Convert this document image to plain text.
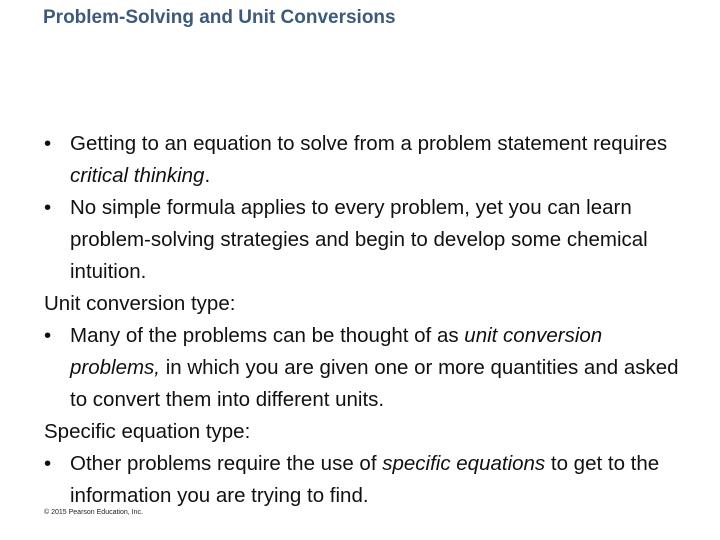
Problem-Solving and Unit Conversions
• Getting to an equation to solve from a problem statement requires critical thinking.
• No simple formula applies to every problem, yet you can learn problem-solving strategies and begin to develop some chemical intuition.
Unit conversion type:
• Many of the problems can be thought of as unit conversion problems, in which you are given one or more quantities and asked to convert them into different units.
Specific equation type:
• Other problems require the use of specific equations to get to the information you are trying to find.
© 2015 Pearson Education, Inc.
